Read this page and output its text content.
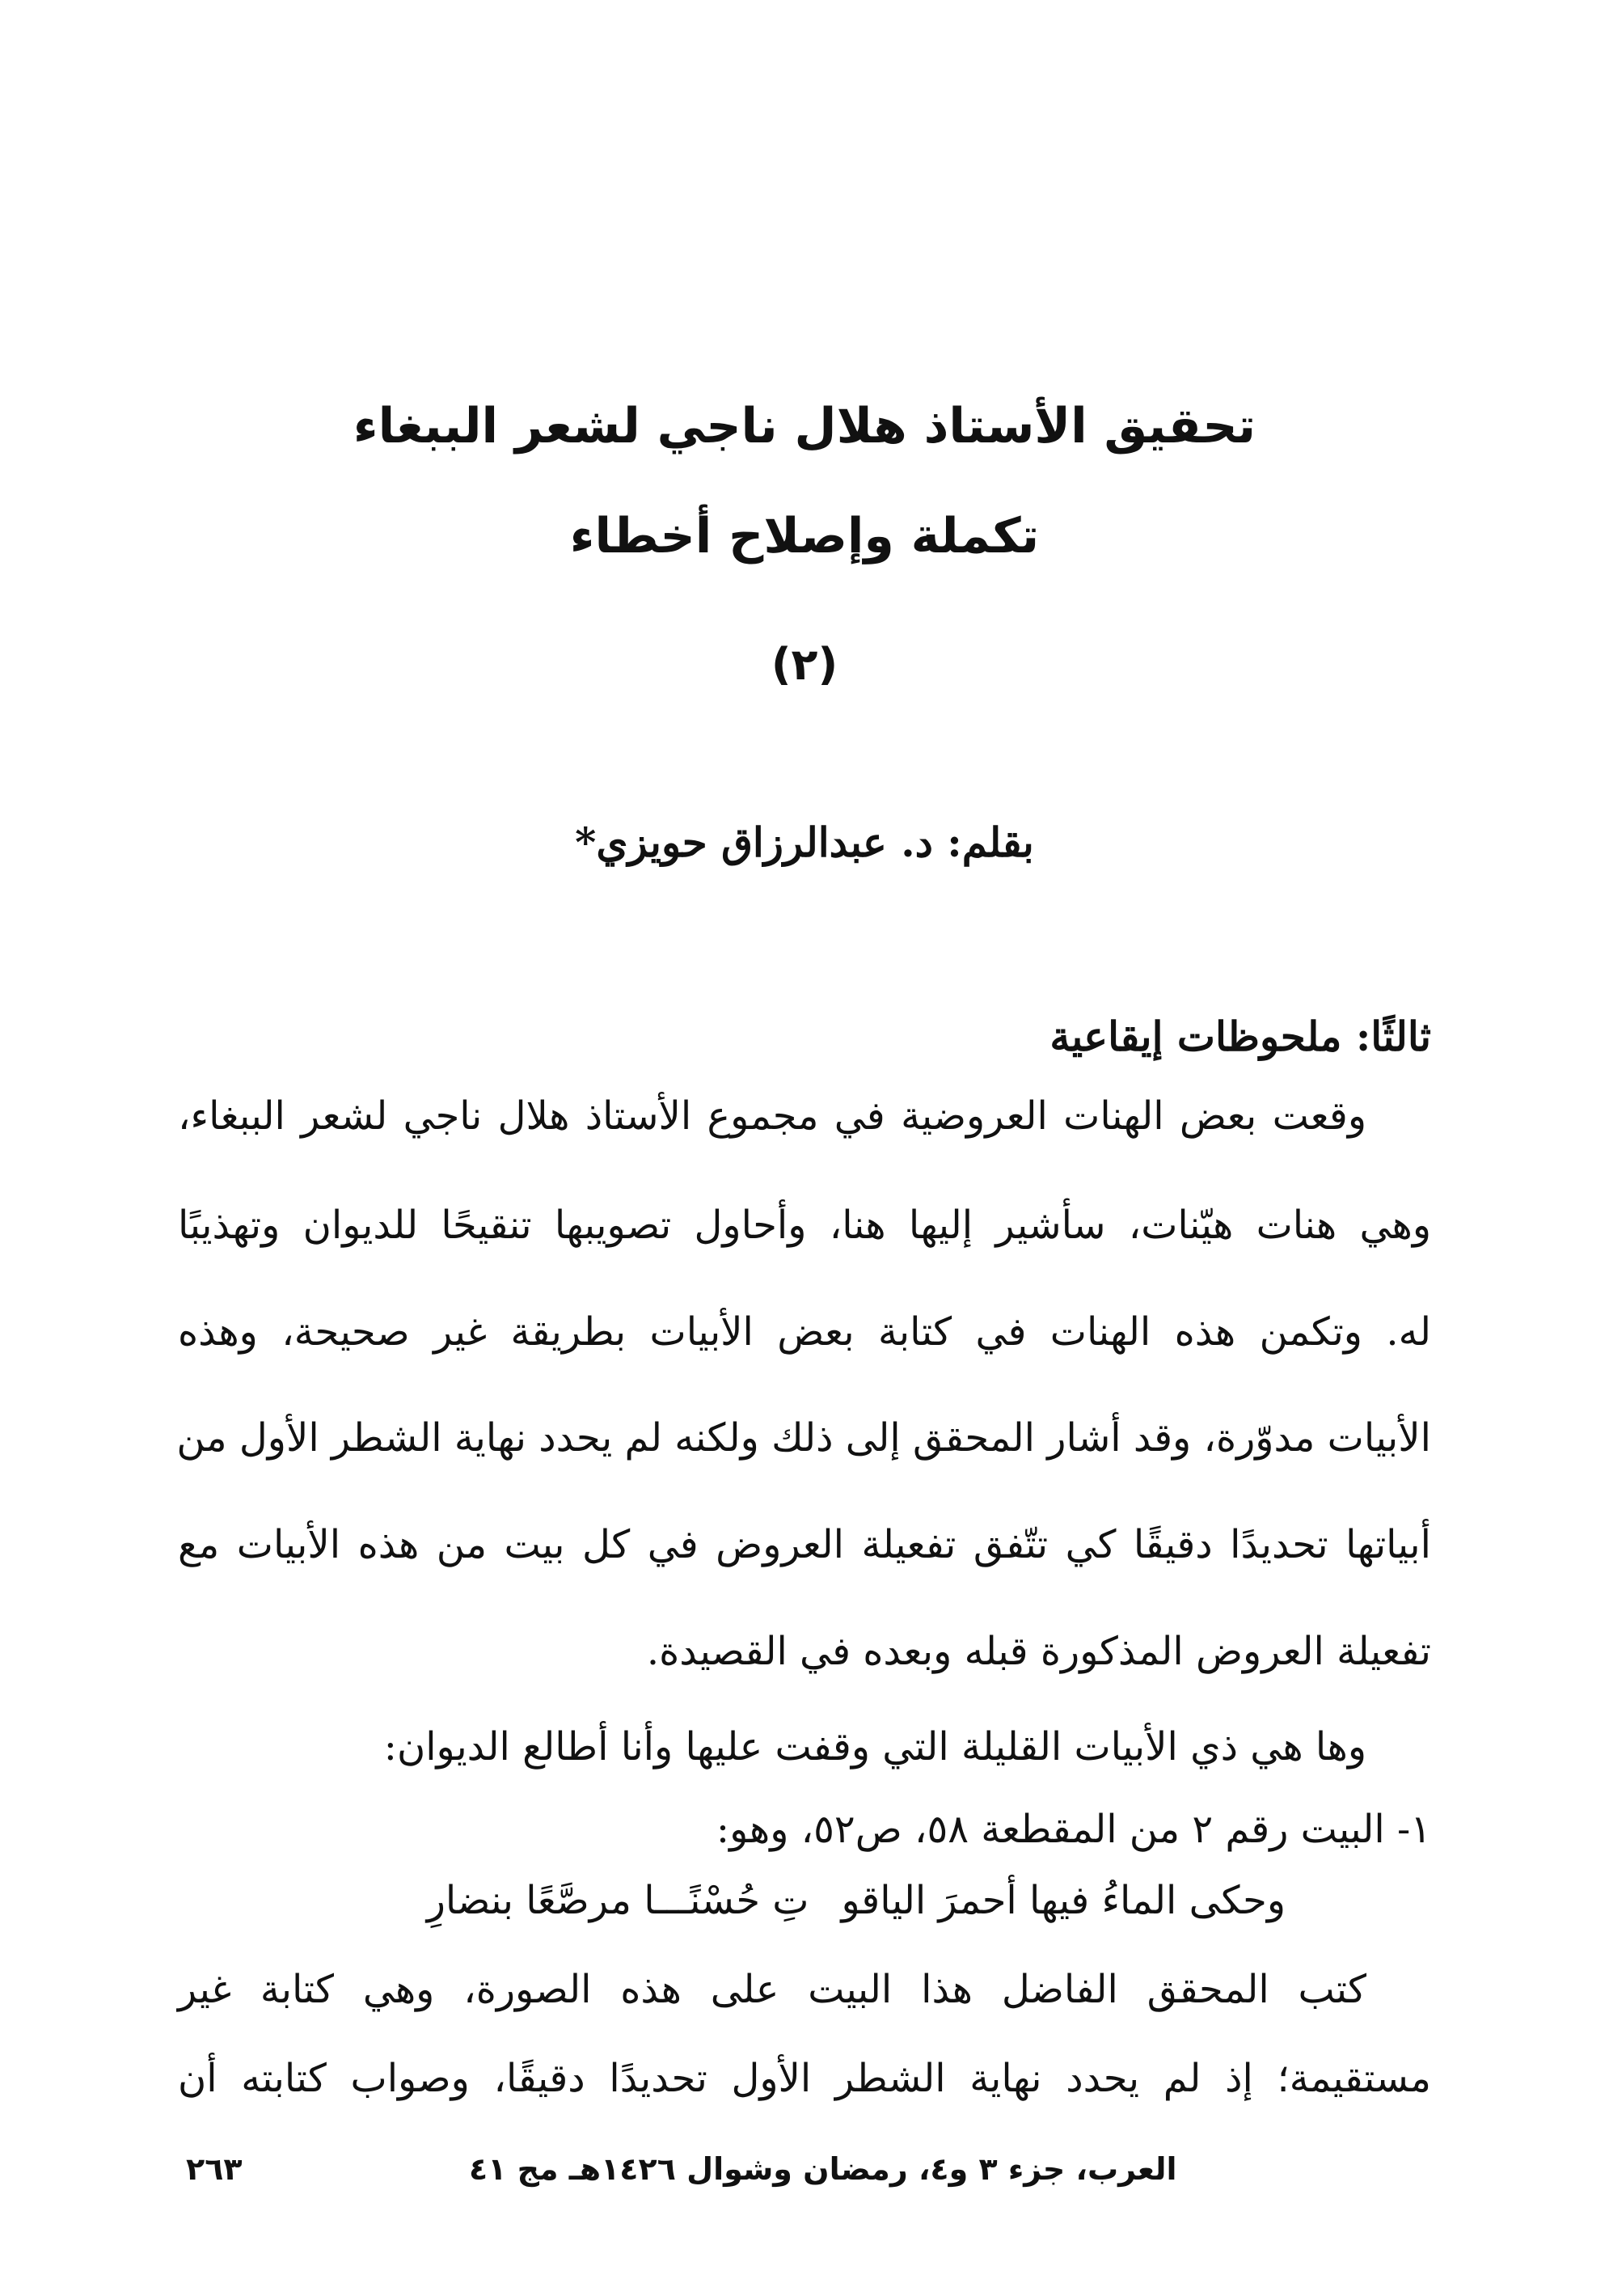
تحقيق الأستاذ هلال ناجي لشعر الببغاء
تكملة وإصلاح أخطاء
(٢)
بقلم: د. عبدالرزاق حويزي*
ثالثًا: ملحوظات إيقاعية
وقعت بعض الهنات العروضية في مجموع الأستاذ هلال ناجي لشعر الببغاء،
وهي هنات هيّنات، سأشير إليها هنا، وأحاول تصويبها تنقيحًا للديوان وتهذيبًا
له. وتكمن هذه الهنات في كتابة بعض الأبيات بطريقة غير صحيحة، وهذه
الأبيات مدوّرة، وقد أشار المحقق إلى ذلك ولكنه لم يحدد نهاية الشطر الأول من
أبياتها تحديدًا دقيقًا كي تتّفق تفعيلة العروض في كل بيت من هذه الأبيات مع
تفعيلة العروض المذكورة قبله وبعده في القصيدة.
وها هي ذي الأبيات القليلة التي وقفت عليها وأنا أطالع الديوان:
١- البيت رقم ٢ من المقطعة ٥٨، ص٥٢، وهو:
وحكى الماءُ فيها أحمرَ الياقوتِ حُسْنًـــا مرصَّعًا بنضارِ
كتب المحقق الفاضل هذا البيت على هذه الصورة، وهي كتابة غير
مستقيمة؛ إذ لم يحدد نهاية الشطر الأول تحديدًا دقيقًا، وصواب كتابته أن
العرب، جزء ٣ و٤، رمضان وشوال ١٤٢٦هـ مج ٤١
٢٦٣
